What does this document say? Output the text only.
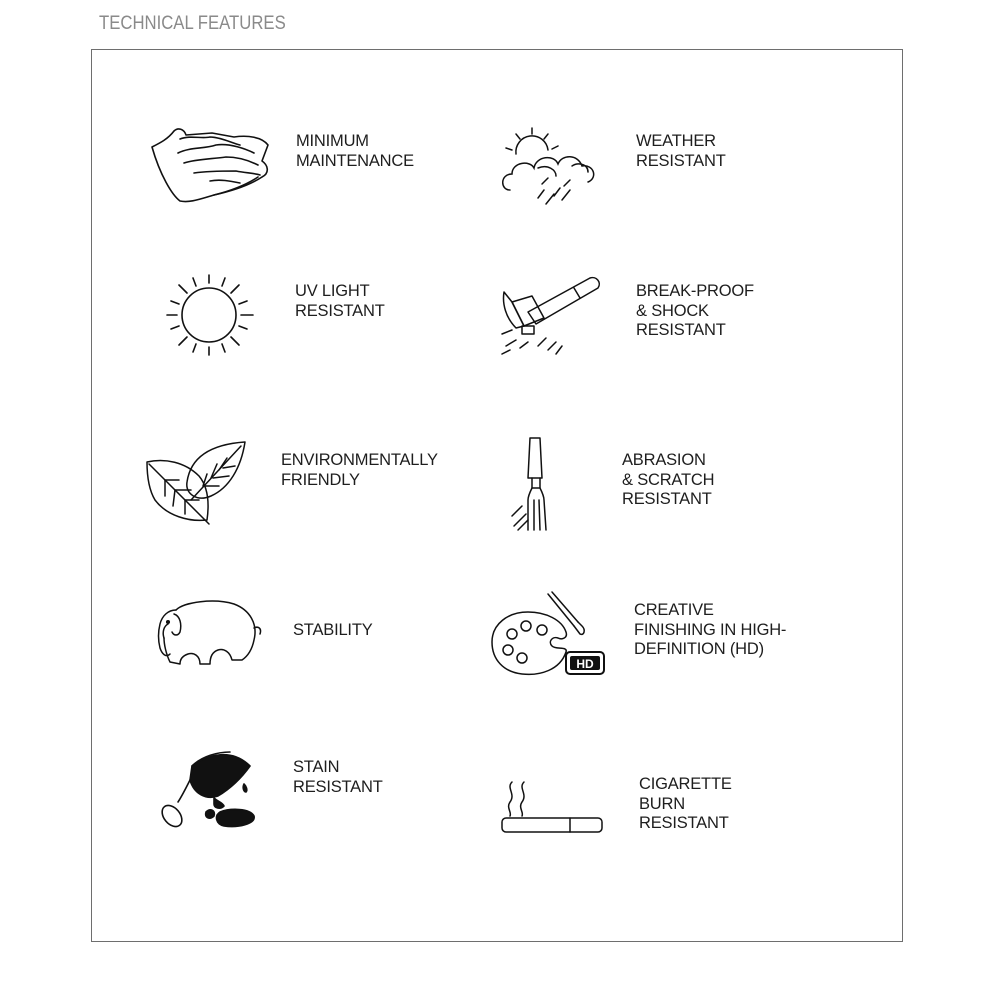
TECHNICAL FEATURES
MINIMUM
MAINTENANCE
WEATHER
RESISTANT
UV LIGHT
RESISTANT
BREAK-PROOF
& SHOCK
RESISTANT
ENVIRONMENTALLY
FRIENDLY
ABRASION
& SCRATCH
RESISTANT
STABILITY
HD
CREATIVE
FINISHING IN HIGH-
DEFINITION (HD)
STAIN
RESISTANT	CIGARETTE
BURN
RESISTANT
